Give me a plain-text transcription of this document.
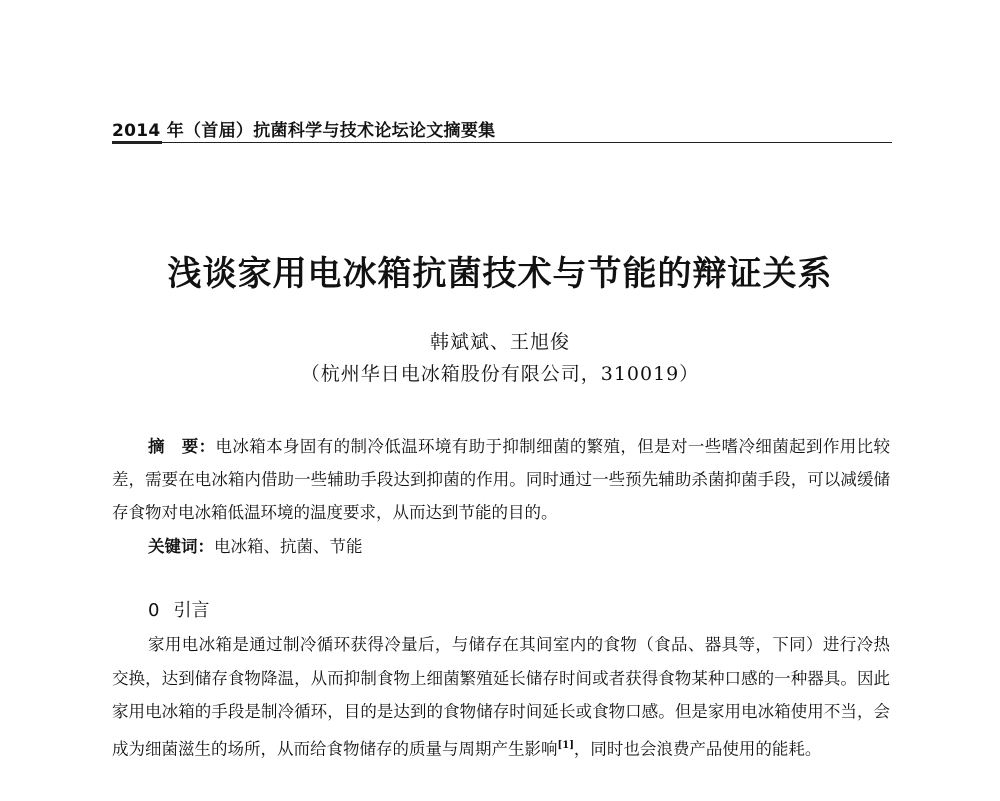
2014 年（首届）抗菌科学与技术论坛论文摘要集
浅谈家用电冰箱抗菌技术与节能的辩证关系
韩斌斌、王旭俊
（杭州华日电冰箱股份有限公司，310019）
摘　要：电冰箱本身固有的制冷低温环境有助于抑制细菌的繁殖，但是对一些嗜冷细菌起到作用比较差，需要在电冰箱内借助一些辅助手段达到抑菌的作用。同时通过一些预先辅助杀菌抑菌手段，可以减缓储存食物对电冰箱低温环境的温度要求，从而达到节能的目的。
关键词：电冰箱、抗菌、节能
0 引言
家用电冰箱是通过制冷循环获得冷量后，与储存在其间室内的食物（食品、器具等，下同）进行冷热交换，达到储存食物降温，从而抑制食物上细菌繁殖延长储存时间或者获得食物某种口感的一种器具。因此家用电冰箱的手段是制冷循环，目的是达到的食物储存时间延长或食物口感。但是家用电冰箱使用不当，会成为细菌滋生的场所，从而给食物储存的质量与周期产生影响[1]，同时也会浪费产品使用的能耗。
